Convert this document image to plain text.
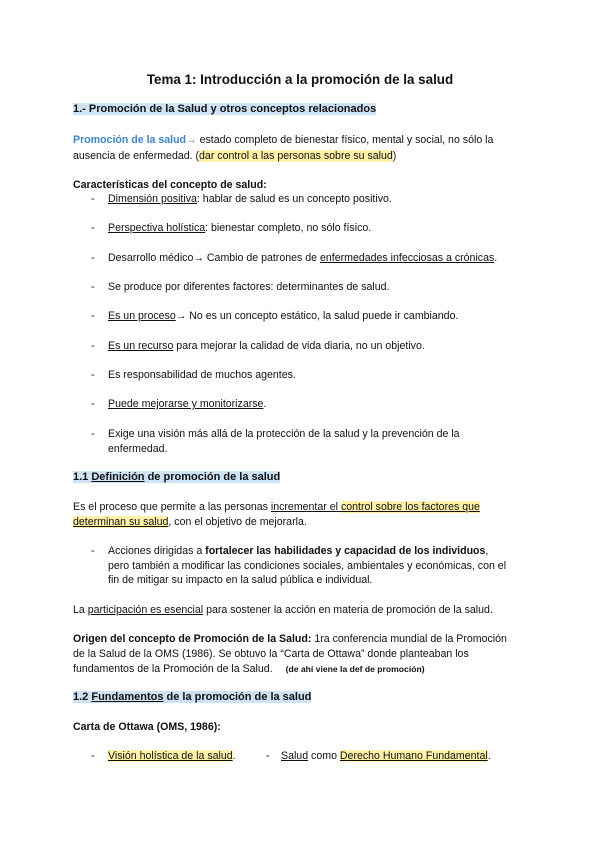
Tema 1: Introducción a la promoción de la salud
1.- Promoción de la Salud y otros conceptos relacionados
Promoción de la salud→ estado completo de bienestar físico, mental y social, no sólo la
ausencia de enfermedad. (dar control a las personas sobre su salud)
Características del concepto de salud:
- Dimensión positiva: hablar de salud es un concepto positivo.
- Perspectiva holística: bienestar completo, no sólo físico.
- Desarrollo médico→ Cambio de patrones de enfermedades infecciosas a crónicas.
- Se produce por diferentes factores: determinantes de salud.
- Es un proceso→ No es un concepto estático, la salud puede ir cambiando.
- Es un recurso para mejorar la calidad de vida diaria, no un objetivo.
- Es responsabilidad de muchos agentes.
- Puede mejorarse y monitorizarse.
- Exige una visión más allá de la protección de la salud y la prevención de la
enfermedad.
1.1 Definición de promoción de la salud
Es el proceso que permite a las personas incrementar el control sobre los factores que
determinan su salud, con el objetivo de mejorarla.
- Acciones dirigidas a fortalecer las habilidades y capacidad de los individuos,
pero también a modificar las condiciones sociales, ambientales y económicas, con el
fin de mitigar su impacto en la salud pública e individual.
La participación es esencial para sostener la acción en materia de promoción de la salud.
Origen del concepto de Promoción de la Salud: 1ra conferencia mundial de la Promoción
de la Salud de la OMS (1986). Se obtuvo la “Carta de Ottawa” donde planteaban los
fundamentos de la Promoción de la Salud. (de ahí viene la def de promoción)
1.2 Fundamentos de la promoción de la salud
Carta de Ottawa (OMS, 1986):
- Visión holística de la salud.	- Salud como Derecho Humano Fundamental.
